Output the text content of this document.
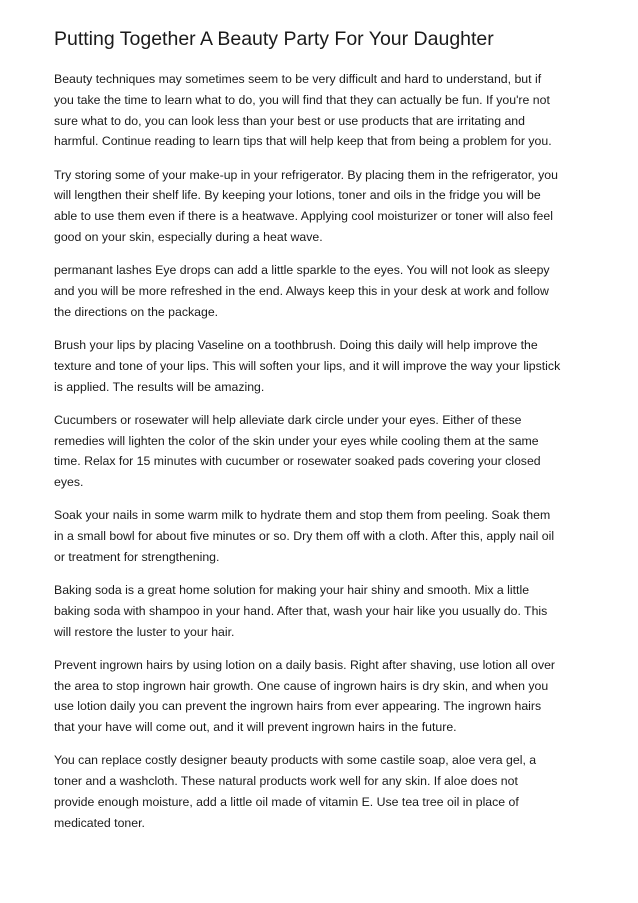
Putting Together A Beauty Party For Your Daughter

Beauty techniques may sometimes seem to be very difficult and hard to understand, but if
you take the time to learn what to do, you will find that they can actually be fun. If you're not
sure what to do, you can look less than your best or use products that are irritating and
harmful. Continue reading to learn tips that will help keep that from being a problem for you.

Try storing some of your make-up in your refrigerator. By placing them in the refrigerator, you
will lengthen their shelf life. By keeping your lotions, toner and oils in the fridge you will be
able to use them even if there is a heatwave. Applying cool moisturizer or toner will also feel
good on your skin, especially during a heat wave.

permanant lashes Eye drops can add a little sparkle to the eyes. You will not look as sleepy
and you will be more refreshed in the end. Always keep this in your desk at work and follow
the directions on the package.

Brush your lips by placing Vaseline on a toothbrush. Doing this daily will help improve the
texture and tone of your lips. This will soften your lips, and it will improve the way your lipstick
is applied. The results will be amazing.

Cucumbers or rosewater will help alleviate dark circle under your eyes. Either of these
remedies will lighten the color of the skin under your eyes while cooling them at the same
time. Relax for 15 minutes with cucumber or rosewater soaked pads covering your closed
eyes.

Soak your nails in some warm milk to hydrate them and stop them from peeling. Soak them
in a small bowl for about five minutes or so. Dry them off with a cloth. After this, apply nail oil
or treatment for strengthening.

Baking soda is a great home solution for making your hair shiny and smooth. Mix a little
baking soda with shampoo in your hand. After that, wash your hair like you usually do. This
will restore the luster to your hair.

Prevent ingrown hairs by using lotion on a daily basis. Right after shaving, use lotion all over
the area to stop ingrown hair growth. One cause of ingrown hairs is dry skin, and when you
use lotion daily you can prevent the ingrown hairs from ever appearing. The ingrown hairs
that your have will come out, and it will prevent ingrown hairs in the future.

You can replace costly designer beauty products with some castile soap, aloe vera gel, a
toner and a washcloth. These natural products work well for any skin. If aloe does not
provide enough moisture, add a little oil made of vitamin E. Use tea tree oil in place of
medicated toner.
